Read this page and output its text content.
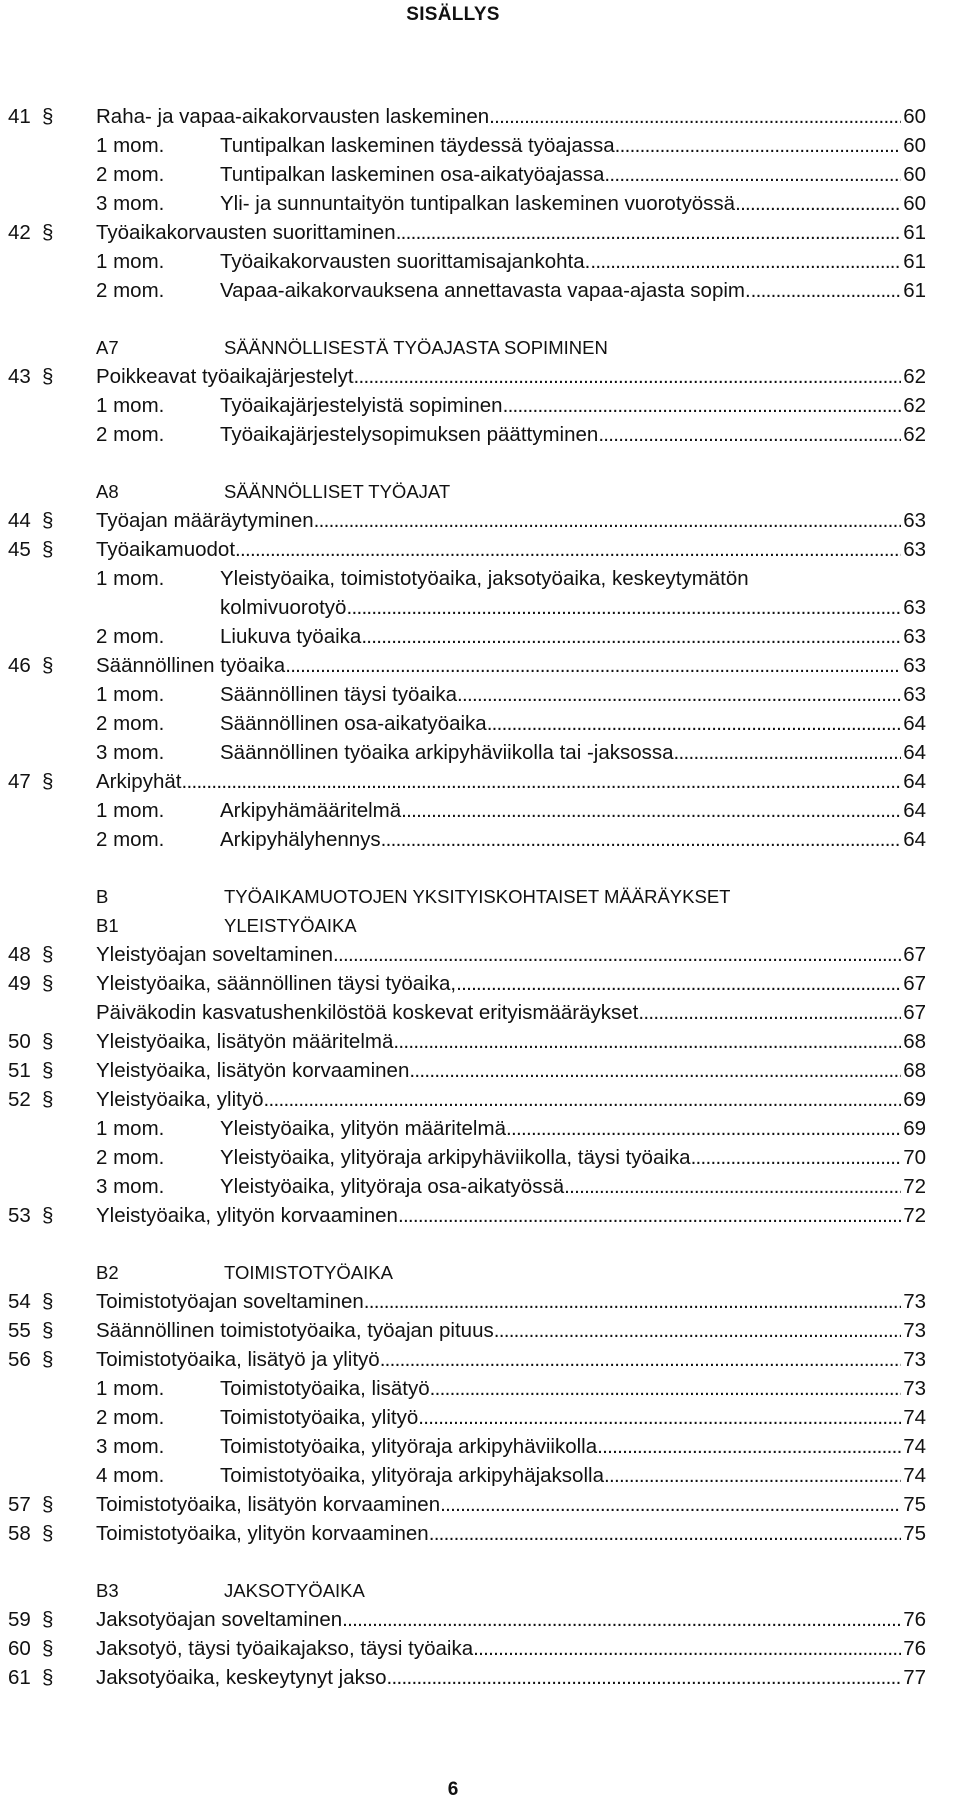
SISÄLLYS
41 § Raha- ja vapaa-aikakorvausten laskeminen . . .	60
1 mom.	Tuntipalkan laskeminen täydessä työajassa . . .	60
2 mom.	Tuntipalkan laskeminen osa-aikatyöajassa . . .	60
3 mom.	Yli- ja sunnuntaityön tuntipalkan laskeminen vuorotyössä . . .	60
42 § Työaikakorvausten suorittaminen . . .	61
1 mom.	Työaikakorvausten suorittamisajankohta. . . .	61
2 mom.	Vapaa-aikakorvauksena annettavasta vapaa-ajasta sopim. . . .	61
A7	SÄÄNNÖLLISESTÄ TYÖAJASTA SOPIMINEN
43 § Poikkeavat työaikajärjestelyt . . .	62
1 mom.	Työaikajärjestelyistä sopiminen . . .	62
2 mom.	Työaikajärjestelysopimuksen päättyminen . . .	62
A8	SÄÄNNÖLLISET TYÖAJAT
44 § Työajan määräytyminen . . .	63
45 § Työaikamuodot . . .	63
1 mom.	Yleistyöaika, toimistotyöaika, jaksotyöaika, keskeytymätön
kolmivuorotyö . . .	63
2 mom.	Liukuva työaika . . .	63
46 § Säännöllinen työaika . . .	63
1 mom.	Säännöllinen täysi työaika . . .	63
2 mom.	Säännöllinen osa-aikatyöaika . . .	64
3 mom.	Säännöllinen työaika arkipyhäviikolla tai -jaksossa . . .	64
47 § Arkipyhät . . .	64
1 mom.	Arkipyhämääritelmä . . .	64
2 mom.	Arkipyhälyhennys . . .	64
B	TYÖAIKAMUOTOJEN YKSITYISKOHTAISET MÄÄRÄYKSET
B1	YLEISTYÖAIKA
48 § Yleistyöajan soveltaminen . . .	67
49 § Yleistyöaika, säännöllinen täysi työaika, . . .	67
Päiväkodin kasvatushenkilöstöä koskevat erityismääräykset . . .	67
50 § Yleistyöaika, lisätyön määritelmä . . .	68
51 § Yleistyöaika, lisätyön korvaaminen . . .	68
52 § Yleistyöaika, ylityö . . .	69
1 mom.	Yleistyöaika, ylityön määritelmä . . .	69
2 mom.	Yleistyöaika, ylityöraja arkipyhäviikolla, täysi työaika . . .	70
3 mom.	Yleistyöaika, ylityöraja osa-aikatyössä . . .	72
53 § Yleistyöaika, ylityön korvaaminen . . .	72
B2	TOIMISTOTYÖAIKA
54 § Toimistotyöajan soveltaminen . . .	73
55 § Säännöllinen toimistotyöaika, työajan pituus . . .	73
56 § Toimistotyöaika, lisätyö ja ylityö . . .	73
1 mom.	Toimistotyöaika, lisätyö . . .	73
2 mom.	Toimistotyöaika, ylityö . . .	74
3 mom.	Toimistotyöaika, ylityöraja arkipyhäviikolla . . .	74
4 mom.	Toimistotyöaika, ylityöraja arkipyhäjaksolla . . .	74
57 § Toimistotyöaika, lisätyön korvaaminen . . .	75
58 § Toimistotyöaika, ylityön korvaaminen . . .	75
B3	JAKSOTYÖAIKA
59 § Jaksotyöajan soveltaminen . . .	76
60 § Jaksotyö, täysi työaikajakso, täysi työaika . . .	76
61 § Jaksotyöaika, keskeytynyt jakso . . .	77
6
